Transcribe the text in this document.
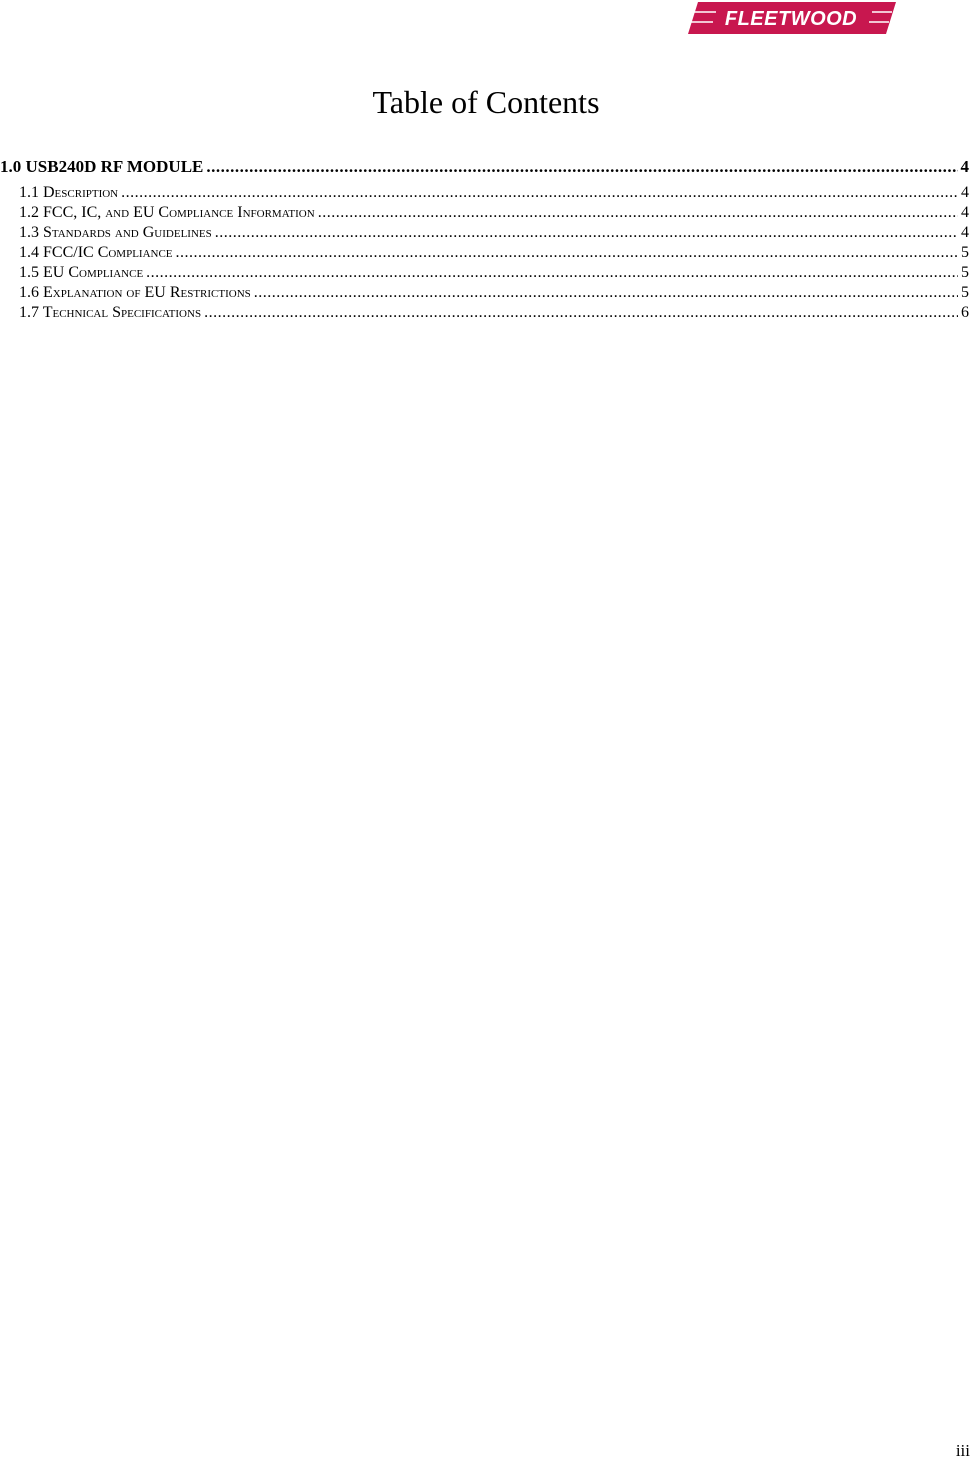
FLEETWOOD
Table of Contents
1.0 USB240D RF MODULE .....	4
1.1 Description .....	4
1.2 FCC, IC, and EU Compliance Information .....	4
1.3 Standards and Guidelines .....	4
1.4 FCC/IC Compliance .....	5
1.5 EU Compliance .....	5
1.6 Explanation of EU Restrictions .....	5
1.7 Technical Specifications .....	6
iii
